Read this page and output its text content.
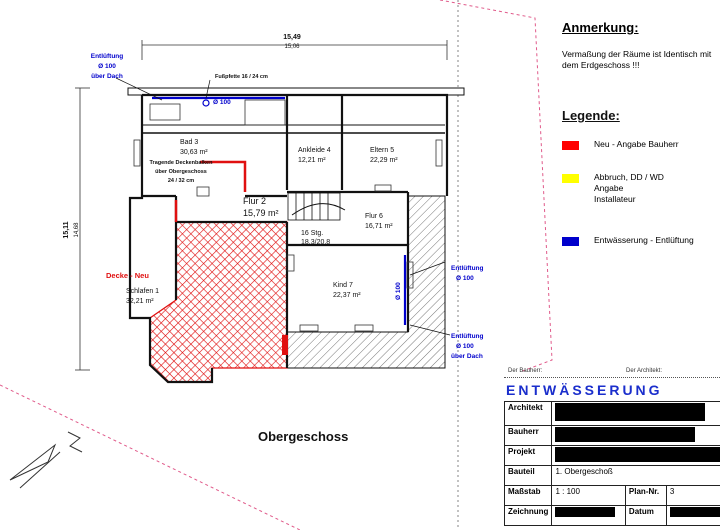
15,49
15,06
15,11 14,68
Entlüftung
Ø 100
über Dach	Fußpfette 16 / 24 cm
Ø 100
Ø 100
Entlüftung
Ø 100
Entlüftung
Ø 100
über Dach
Tragende Deckenbalken
über Obergeschoss
24 / 32 cm
Decke - Neu
16 Stg.
18,3/20,8
Bad 3
30,63 m²	Ankleide 4
12,21 m²
Eltern 5
22,29 m²
Flur 2
15,79 m²	Flur 6
16,71 m²
Schlafen 1
32,21 m²
Kind 7
22,37 m²
Obergeschoss
Anmerkung:
Vermaßung der Räume ist Identisch mit dem Erdgeschoss !!!
Legende:
Neu - Angabe Bauherr
Abbruch, DD / WD Angabe Installateur
Entwässerung - Entlüftung
Der Bauherr:	Der Architekt:
ENTWÄSSERUNG
Architekt			

Bauherr			

Projekt			

Bauteil	1. Obergeschoß		
Maßstab	1 : 100	Plan-Nr.	3
Zeichnung		Datum	
